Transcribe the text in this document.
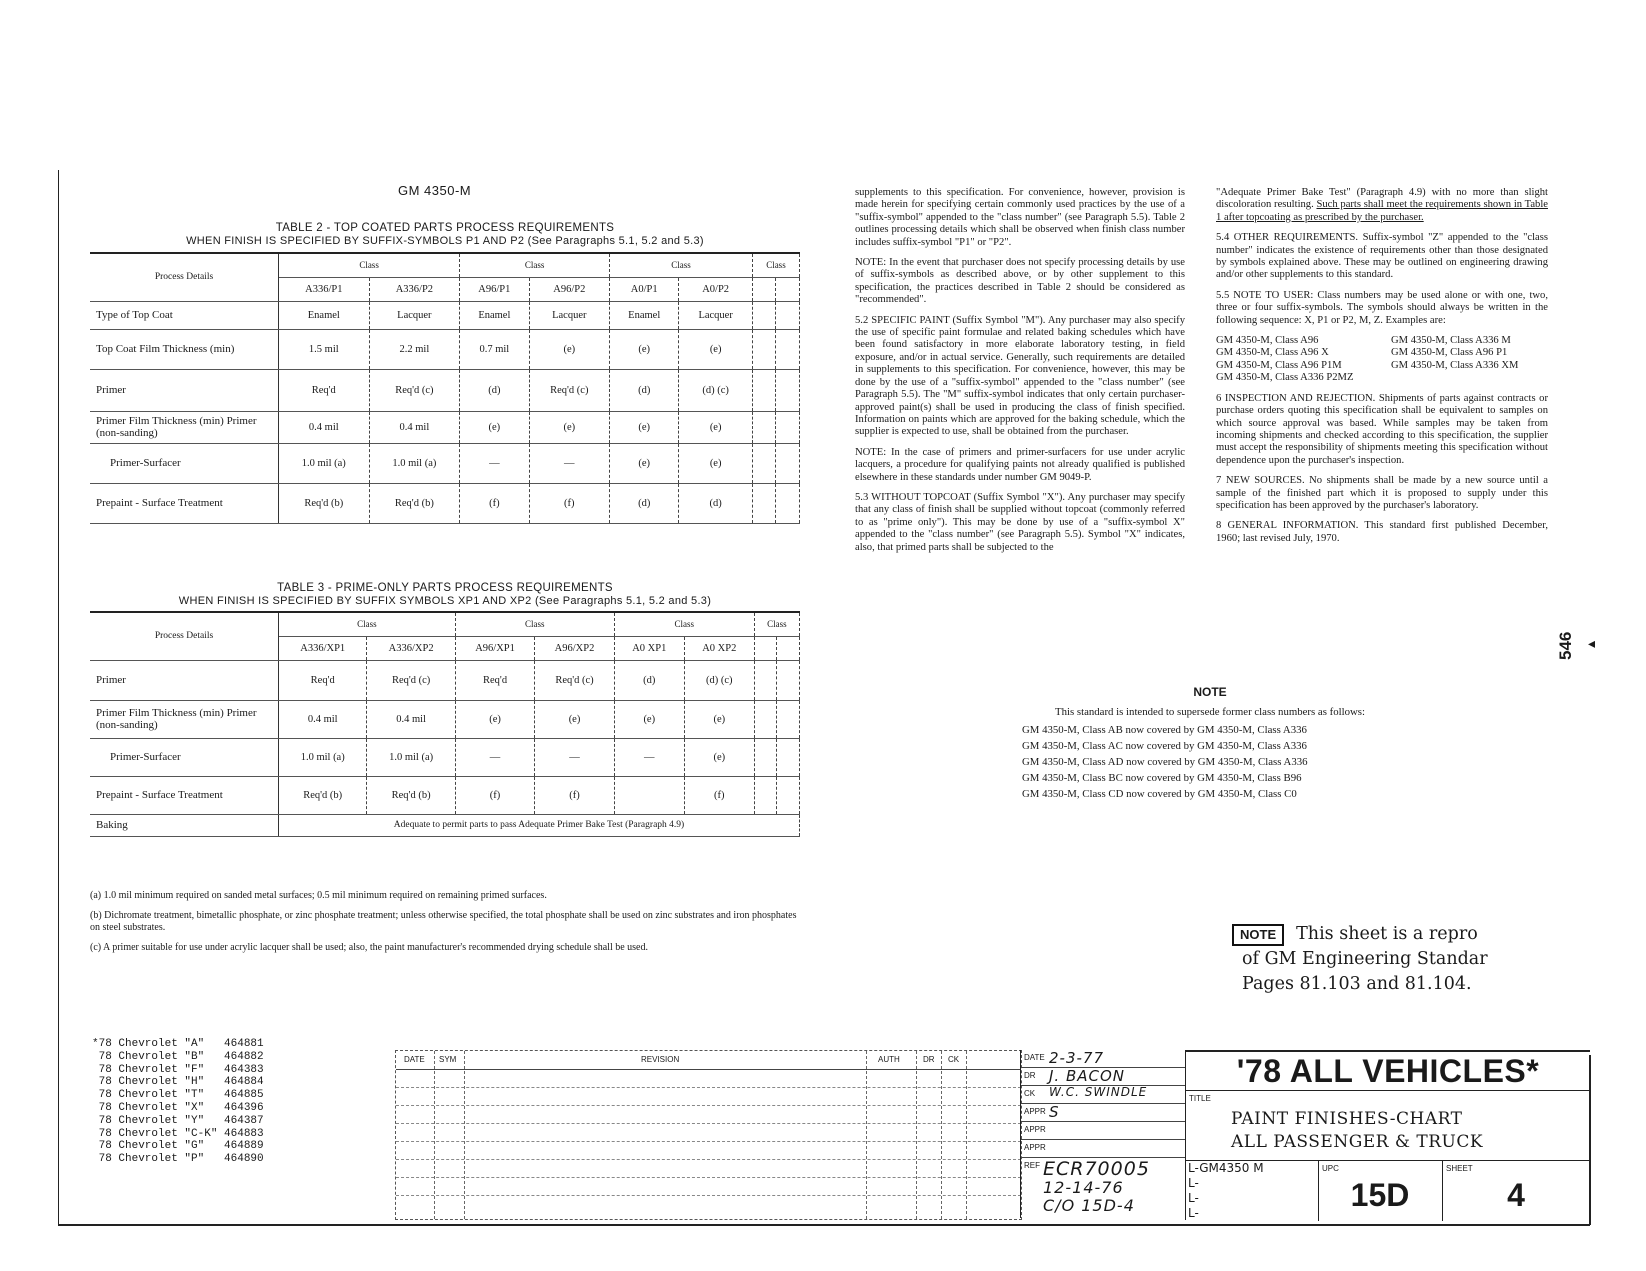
GM 4350-M
TABLE 2 - TOP COATED PARTS PROCESS REQUIREMENTS
WHEN FINISH IS SPECIFIED BY SUFFIX-SYMBOLS P1 AND P2 (See Paragraphs 5.1, 5.2 and 5.3)
Process Details	Class		Class		Class		Class	
	A336/P1	A336/P2	A96/P1	A96/P2	A0/P1	A0/P2		
Type of Top Coat	Enamel	Lacquer	Enamel	Lacquer	Enamel	Lacquer		
Top Coat Film Thickness (min)	1.5 mil	2.2 mil	0.7 mil	(e)	(e)	(e)		
Primer	Req'd	Req'd (c)	(d)	Req'd (c)	(d)	(d) (c)		
Primer Film Thickness (min) Primer (non-sanding)	0.4 mil	0.4 mil	(e)	(e)	(e)	(e)		
Primer-Surfacer	1.0 mil (a)	1.0 mil (a)	—	—	(e)	(e)		
Prepaint - Surface Treatment	Req'd (b)	Req'd (b)	(f)	(f)	(d)	(d)		
TABLE 3 - PRIME-ONLY PARTS PROCESS REQUIREMENTS
WHEN FINISH IS SPECIFIED BY SUFFIX SYMBOLS XP1 AND XP2 (See Paragraphs 5.1, 5.2 and 5.3)
Process Details	Class		Class		Class		Class	
	A336/XP1	A336/XP2	A96/XP1	A96/XP2	A0 XP1	A0 XP2		
Primer	Req'd	Req'd (c)	Req'd	Req'd (c)	(d)	(d) (c)		
Primer Film Thickness (min) Primer (non-sanding)	0.4 mil	0.4 mil	(e)	(e)	(e)	(e)		
Primer-Surfacer	1.0 mil (a)	1.0 mil (a)	—	—	—	(e)		
Prepaint - Surface Treatment	Req'd (b)	Req'd (b)	(f)	(f)		(f)		
Baking	Adequate to permit parts to pass Adequate Primer Bake Test (Paragraph 4.9)							

(a) 1.0 mil minimum required on sanded metal surfaces; 0.5 mil minimum required on remaining primed surfaces.

(b) Dichromate treatment, bimetallic phosphate, or zinc phosphate treatment; unless otherwise specified, the total phosphate shall be used on zinc substrates and iron phosphates on steel substrates.

(c) A primer suitable for use under acrylic lacquer shall be used; also, the paint manufacturer's recommended drying schedule shall be used.

supplements to this specification. For convenience, however, provision is made herein for specifying certain commonly used practices by the use of a "suffix-symbol" appended to the "class number" (see Paragraph 5.5). Table 2 outlines processing details which shall be observed when finish class number includes suffix-symbol "P1" or "P2".

NOTE: In the event that purchaser does not specify processing details by use of suffix-symbols as described above, or by other supplement to this specification, the practices described in Table 2 should be considered as "recommended".

5.2 SPECIFIC PAINT (Suffix Symbol "M"). Any purchaser may also specify the use of specific paint formulae and related baking schedules which have been found satisfactory in more elaborate laboratory testing, in field exposure, and/or in actual service. Generally, such requirements are detailed in supplements to this specification. For convenience, however, this may be done by the use of a "suffix-symbol" appended to the "class number" (see Paragraph 5.5). The "M" suffix-symbol indicates that only certain purchaser-approved paint(s) shall be used in producing the class of finish specified. Information on paints which are approved for the baking schedule, which the supplier is expected to use, shall be obtained from the purchaser.

NOTE: In the case of primers and primer-surfacers for use under acrylic lacquers, a procedure for qualifying paints not already qualified is published elsewhere in these standards under number GM 9049-P.

5.3 WITHOUT TOPCOAT (Suffix Symbol "X"). Any purchaser may specify that any class of finish shall be supplied without topcoat (commonly referred to as "prime only"). This may be done by use of a "suffix-symbol X" appended to the "class number" (see Paragraph 5.5). Symbol "X" indicates, also, that primed parts shall be subjected to the

"Adequate Primer Bake Test" (Paragraph 4.9) with no more than slight discoloration resulting. Such parts shall meet the requirements shown in Table 1 after topcoating as prescribed by the purchaser.

5.4 OTHER REQUIREMENTS. Suffix-symbol "Z" appended to the "class number" indicates the existence of requirements other than those designated by symbols explained above. These may be outlined on engineering drawing and/or other supplements to this standard.

5.5 NOTE TO USER: Class numbers may be used alone or with one, two, three or four suffix-symbols. The symbols should always be written in the following sequence: X, P1 or P2, M, Z. Examples are:

GM 4350-M, Class A96	GM 4350-M, Class A336 M
GM 4350-M, Class A96 X	GM 4350-M, Class A96 P1
GM 4350-M, Class A96 P1M	GM 4350-M, Class A336 XM
GM 4350-M, Class A336 P2MZ

6 INSPECTION AND REJECTION. Shipments of parts against contracts or purchase orders quoting this specification shall be equivalent to samples on which source approval was based. While samples may be taken from incoming shipments and checked according to this specification, the supplier must accept the responsibility of shipments meeting this specification without dependence upon the purchaser's inspection.

7 NEW SOURCES. No shipments shall be made by a new source until a sample of the finished part which it is proposed to supply under this specification has been approved by the purchaser's laboratory.

8 GENERAL INFORMATION. This standard first published December, 1960; last revised July, 1970.

NOTE
This standard is intended to supersede former class numbers as follows:
GM 4350-M, Class AB now covered by GM 4350-M, Class A336
GM 4350-M, Class AC now covered by GM 4350-M, Class A336
GM 4350-M, Class AD now covered by GM 4350-M, Class A336
GM 4350-M, Class BC now covered by GM 4350-M, Class B96
GM 4350-M, Class CD now covered by GM 4350-M, Class C0
546 ◂
NOTE This sheet is a repro
of GM Engineering Standar
Pages 81.103 and 81.104.
*78 Chevrolet "A"   464881
78 Chevrolet "B"   464882
78 Chevrolet "F"   464383
78 Chevrolet "H"   464884
78 Chevrolet "T"   464885
78 Chevrolet "X"   464396
78 Chevrolet "Y"   464387
78 Chevrolet "C-K" 464883
78 Chevrolet "G"   464889
78 Chevrolet "P"   464890
DATE SYM	REVISION	AUTH	DR CK	DATE 2-3-77
DR J. BACON
CK W.C. SWINDLE
APPR S
APPR
APPR
REF ECR70005
12-14-76
C/O 15D-4
'78 ALL VEHICLES*
TITLE
PAINT FINISHES-CHART
ALL PASSENGER & TRUCK
L-GM4350 M
L-
L-
L-
UPC
15D
SHEET
4
